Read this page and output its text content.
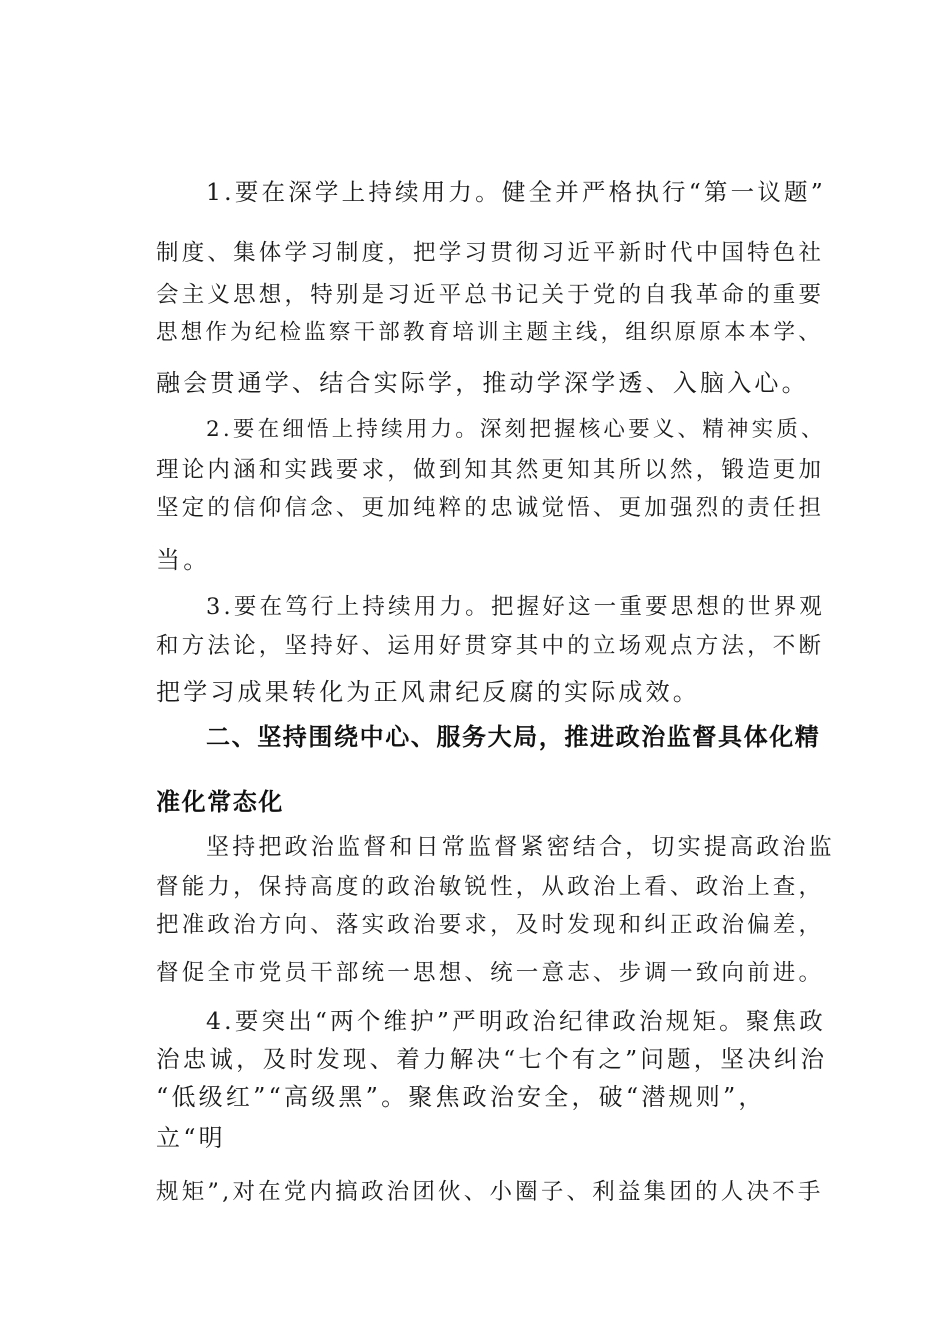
1.要在深学上持续用力。健全并严格执行“第一议题”
制度、集体学习制度，把学习贯彻习近平新时代中国特色社
会主义思想，特别是习近平总书记关于党的自我革命的重要
思想作为纪检监察干部教育培训主题主线，组织原原本本学、
融会贯通学、结合实际学，推动学深学透、入脑入心。
2.要在细悟上持续用力。深刻把握核心要义、精神实质、
理论内涵和实践要求，做到知其然更知其所以然，锻造更加
坚定的信仰信念、更加纯粹的忠诚觉悟、更加强烈的责任担
当。
3.要在笃行上持续用力。把握好这一重要思想的世界观
和方法论，坚持好、运用好贯穿其中的立场观点方法，不断
把学习成果转化为正风肃纪反腐的实际成效。
二、坚持围绕中心、服务大局，推进政治监督具体化精
准化常态化
坚持把政治监督和日常监督紧密结合，切实提高政治监
督能力，保持高度的政治敏锐性，从政治上看、政治上查，
把准政治方向、落实政治要求，及时发现和纠正政治偏差，
督促全市党员干部统一思想、统一意志、步调一致向前进。
4.要突出“两个维护”严明政治纪律政治规矩。聚焦政
治忠诚，及时发现、着力解决“七个有之”问题，坚决纠治
“低级红”“高级黑”。聚焦政治安全，破“潜规则”，
立“明
规矩”,对在党内搞政治团伙、小圈子、利益集团的人决不手
